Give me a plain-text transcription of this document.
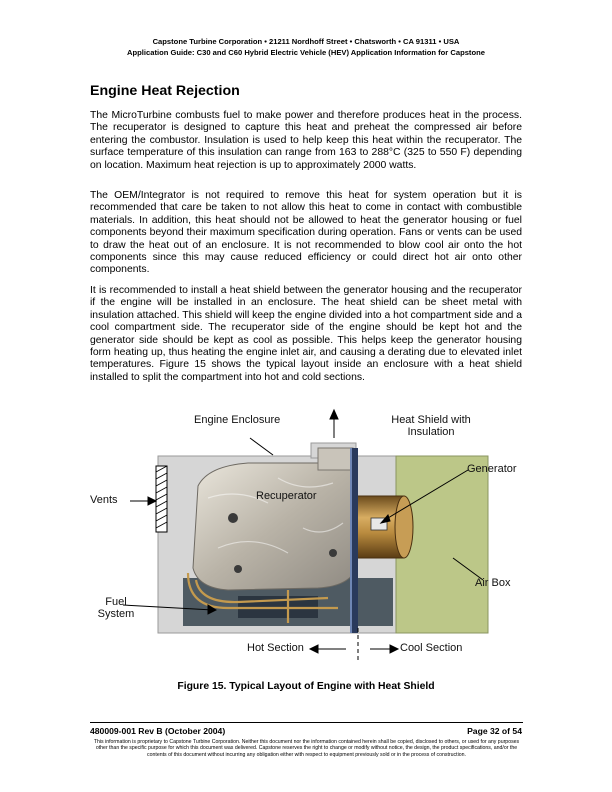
Capstone Turbine Corporation • 21211 Nordhoff Street • Chatsworth • CA 91311 • USA
Application Guide: C30 and C60 Hybrid Electric Vehicle (HEV) Application Information for Capstone
Engine Heat Rejection

The MicroTurbine combusts fuel to make power and therefore produces heat in the process. The recuperator is designed to capture this heat and preheat the compressed air before entering the combustor. Insulation is used to help keep this heat within the recuperator. The surface temperature of this insulation can range from 163 to 288°C (325 to 550 F) depending on location. Maximum heat rejection is up to approximately 2000 watts.

The OEM/Integrator is not required to remove this heat for system operation but it is recommended that care be taken to not allow this heat to come in contact with combustible materials. In addition, this heat should not be allowed to heat the generator housing or fuel components beyond their maximum specification during operation. Fans or vents can be used to draw the heat out of an enclosure. It is not recommended to blow cool air onto the hot components since this may cause reduced efficiency or could direct hot air onto other components.

It is recommended to install a heat shield between the generator housing and the recuperator if the engine will be installed in an enclosure. The heat shield can be sheet metal with insulation attached. This shield will keep the engine divided into a hot compartment side and a cool compartment side. The recuperator side of the engine should be kept hot and the generator side should be kept as cool as possible. This helps keep the generator housing form heating up, thus heating the engine inlet air, and causing a derating due to elevated inlet temperatures. Figure 15 shows the typical layout inside an enclosure with a heat shield installed to split the compartment into hot and cold sections.

Engine Enclosure	Heat Shield with
Insulation
Generator
Vents	Recuperator
Air Box
Fuel
System
Hot Section	Cool Section
Figure 15. Typical Layout of Engine with Heat Shield
480009-001 Rev B (October 2004)	Page 32 of 54

This information is proprietary to Capstone Turbine Corporation. Neither this document nor the information contained herein shall be copied, disclosed to others, or used for any purposes other than the specific purpose for which this document was delivered. Capstone reserves the right to change or modify without notice, the design, the product specifications, and/or the contents of this document without incurring any obligation either with respect to equipment previously sold or in the process of construction.
